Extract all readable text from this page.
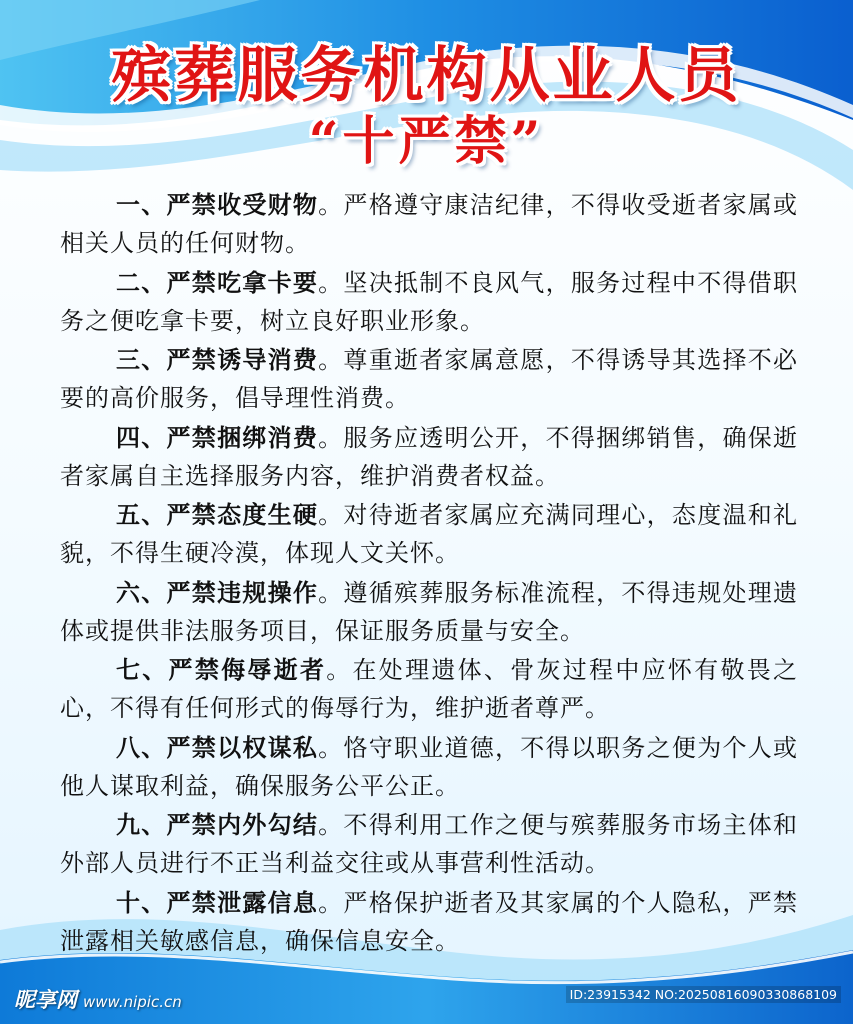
殡葬服务机构从业人员
“十严禁”

一、严禁收受财物。严格遵守康洁纪律，不得收受逝者家属或相关人员的任何财物。

二、严禁吃拿卡要。坚决抵制不良风气，服务过程中不得借职务之便吃拿卡要，树立良好职业形象。

三、严禁诱导消费。尊重逝者家属意愿，不得诱导其选择不必要的高价服务，倡导理性消费。

四、严禁捆绑消费。服务应透明公开，不得捆绑销售，确保逝者家属自主选择服务内容，维护消费者权益。

五、严禁态度生硬。对待逝者家属应充满同理心，态度温和礼貌，不得生硬冷漠，体现人文关怀。

六、严禁违规操作。遵循殡葬服务标准流程，不得违规处理遗体或提供非法服务项目，保证服务质量与安全。

七、严禁侮辱逝者。在处理遗体、骨灰过程中应怀有敬畏之心，不得有任何形式的侮辱行为，维护逝者尊严。

八、严禁以权谋私。恪守职业道德，不得以职务之便为个人或他人谋取利益，确保服务公平公正。

九、严禁内外勾结。不得利用工作之便与殡葬服务市场主体和外部人员进行不正当利益交往或从事营利性活动。

十、严禁泄露信息。严格保护逝者及其家属的个人隐私，严禁泄露相关敏感信息，确保信息安全。

昵享网 www.nipic.cn	ID:23915342 NO:20250816090330868109
